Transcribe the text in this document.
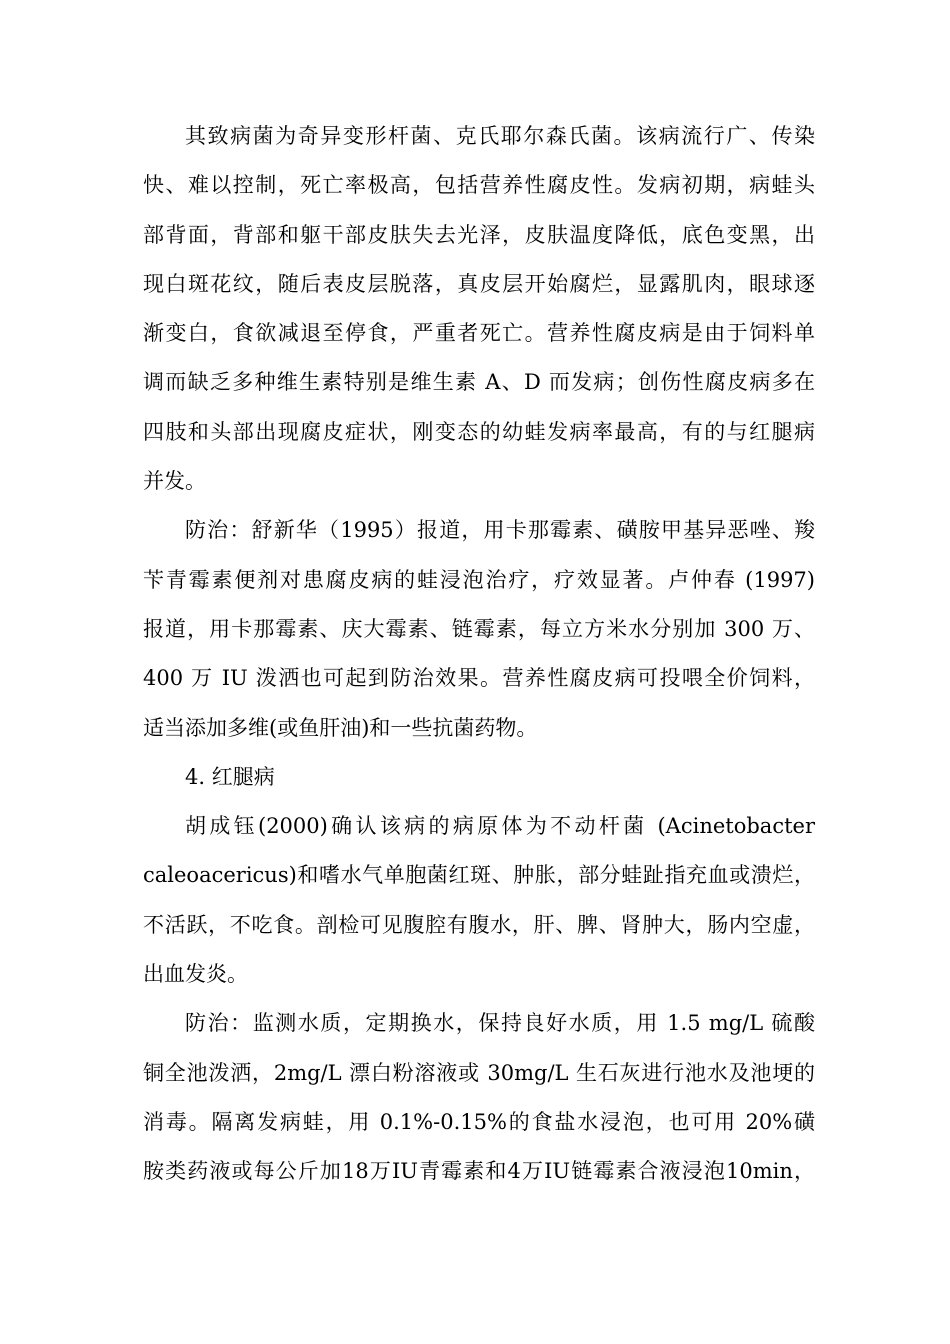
其致病菌为奇异变形杆菌、克氏耶尔森氏菌。该病流行广、传染

快、难以控制，死亡率极高，包括营养性腐皮性。发病初期，病蛙头

部背面，背部和躯干部皮肤失去光泽，皮肤温度降低，底色变黑，出

现白斑花纹，随后表皮层脱落，真皮层开始腐烂，显露肌肉，眼球逐

渐变白，食欲减退至停食，严重者死亡。营养性腐皮病是由于饲料单

调而缺乏多种维生素特别是维生素 A、D 而发病；创伤性腐皮病多在

四肢和头部出现腐皮症状，刚变态的幼蛙发病率最高，有的与红腿病

并发。

防治：舒新华（1995）报道，用卡那霉素、磺胺甲基异恶唑、羧

苄青霉素便剂对患腐皮病的蛙浸泡治疗，疗效显著。卢仲春 (1997)

报道，用卡那霉素、庆大霉素、链霉素，每立方米水分别加 300 万、

400 万 IU 泼洒也可起到防治效果。营养性腐皮病可投喂全价饲料，

适当添加多维(或鱼肝油)和一些抗菌药物。

4. 红腿病

胡成钰(2000)确认该病的病原体为不动杆菌 (Acinetobacter

caleoacericus)和嗜水气单胞菌红斑、肿胀，部分蛙趾指充血或溃烂，

不活跃，不吃食。剖检可见腹腔有腹水，肝、脾、肾肿大，肠内空虚，

出血发炎。

防治：监测水质，定期换水，保持良好水质，用 1.5 mg/L 硫酸

铜全池泼洒，2mg/L 漂白粉溶液或 30mg/L 生石灰进行池水及池埂的

消毒。隔离发病蛙，用 0.1%-0.15%的食盐水浸泡，也可用 20%磺

胺类药液或每公斤加18万IU青霉素和4万IU链霉素合液浸泡10min，
